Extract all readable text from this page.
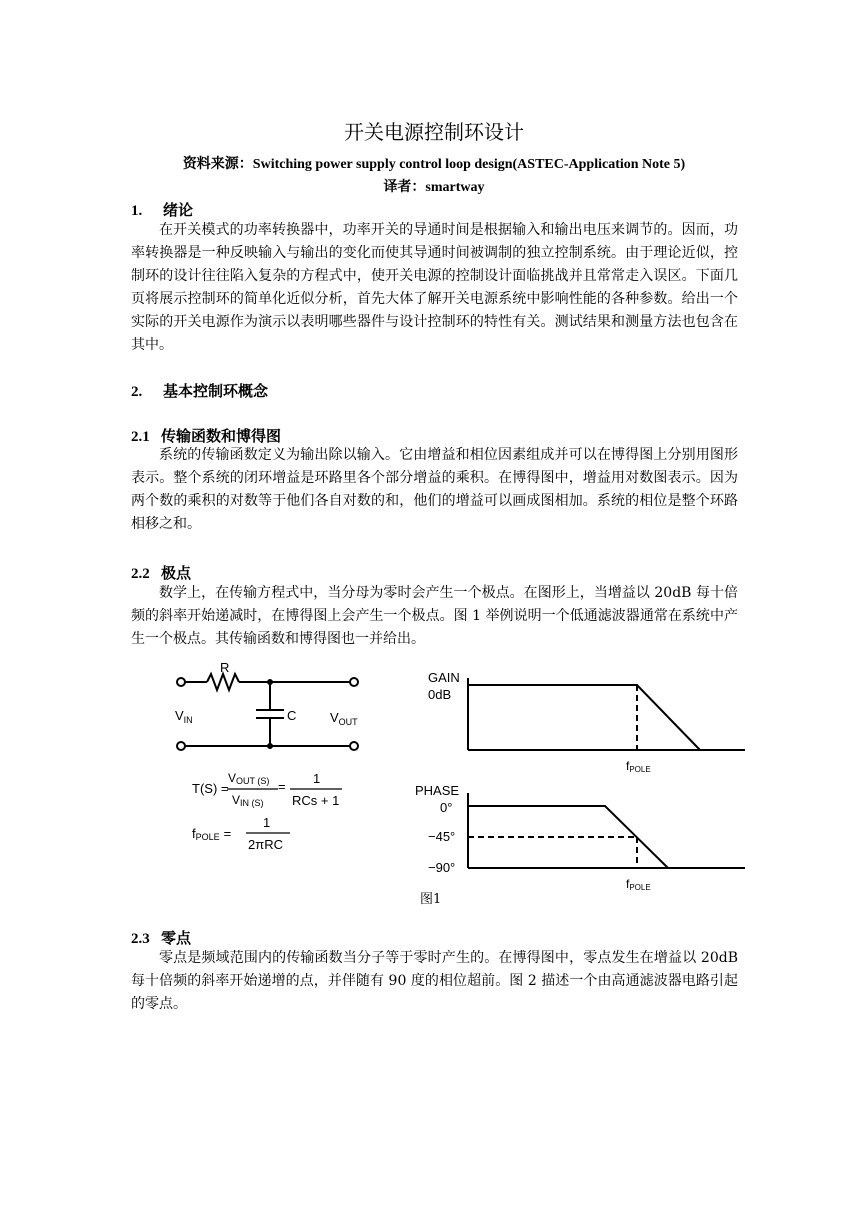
开关电源控制环设计
资料来源：Switching power supply control loop design(ASTEC-Application Note 5)
译者：smartway
1. 绪论

在开关模式的功率转换器中，功率开关的导通时间是根据输入和输出电压来调节的。因而，功率转换器是一种反映输入与输出的变化而使其导通时间被调制的独立控制系统。由于理论近似，控制环的设计往往陷入复杂的方程式中，使开关电源的控制设计面临挑战并且常常走入误区。下面几页将展示控制环的简单化近似分析，首先大体了解开关电源系统中影响性能的各种参数。给出一个实际的开关电源作为演示以表明哪些器件与设计控制环的特性有关。测试结果和测量方法也包含在其中。

2. 基本控制环概念
2.1 传输函数和博得图

系统的传输函数定义为输出除以输入。它由增益和相位因素组成并可以在博得图上分别用图形表示。整个系统的闭环增益是环路里各个部分增益的乘积。在博得图中，增益用对数图表示。因为两个数的乘积的对数等于他们各自对数的和，他们的增益可以画成图相加。系统的相位是整个环路相移之和。

2.2 极点

数学上，在传输方程式中，当分母为零时会产生一个极点。在图形上，当增益以 20dB 每十倍频的斜率开始递减时，在博得图上会产生一个极点。图 1 举例说明一个低通滤波器通常在系统中产生一个极点。其传输函数和博得图也一并给出。

R
C
$V_{IN}$	$V_{OUT}$
T(S) =
VOUT (S)
VIN (S)
=
1
RCs + 1
fPOLE =
1
2πRC
GAIN
0dB
fPOLE
PHASE
0°
−45°
−90°
fPOLE
图1
2.3 零点

零点是频域范围内的传输函数当分子等于零时产生的。在博得图中，零点发生在增益以 20dB 每十倍频的斜率开始递增的点，并伴随有 90 度的相位超前。图 2 描述一个由高通滤波器电路引起的零点。
